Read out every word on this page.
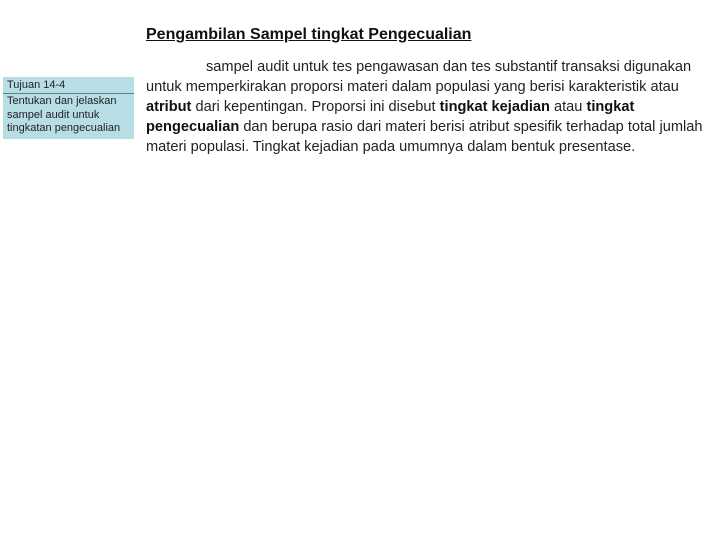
Pengambilan Sampel tingkat Pengecualian
Tujuan 14-4
Tentukan dan jelaskan sampel audit untuk tingkatan pengecualian
sampel audit untuk tes pengawasan dan tes substantif transaksi digunakan untuk memperkirakan proporsi materi dalam populasi yang berisi karakteristik atau atribut dari kepentingan. Proporsi ini disebut tingkat kejadian atau tingkat pengecualian dan berupa rasio dari materi berisi atribut spesifik terhadap total jumlah materi populasi. Tingkat kejadian pada umumnya dalam bentuk presentase.
